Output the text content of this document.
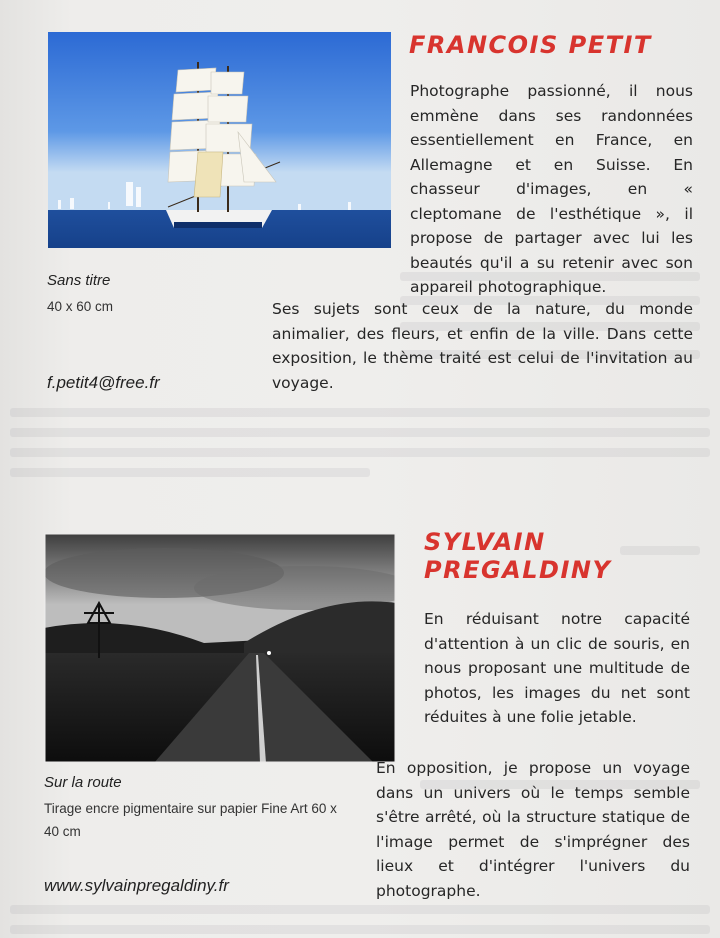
FRANCOIS PETIT

Photographe passionné, il nous emmène dans ses randonnées essentiellement en France, en Allemagne et en Suisse. En chasseur d'images, en « cleptomane de l'esthétique », il propose de partager avec lui les beautés qu'il a su retenir avec son appareil photographique.

Ses sujets sont ceux de la nature, du monde animalier, des fleurs, et enfin de la ville. Dans cette exposition, le thème traité est celui de l'invitation au voyage.

Sans titre
40 x 60 cm
f.petit4@free.fr
SYLVAIN PREGALDINY

En réduisant notre capacité d'attention à un clic de souris, en nous proposant une multitude de photos, les images du net sont réduites à une folie jetable.

En opposition, je propose un voyage dans un univers où le temps semble s'être arrêté, où la structure statique de l'image permet de s'imprégner des lieux et d'intégrer l'univers du photographe.

Sur la route
Tirage encre pigmentaire sur papier Fine Art 60 x 40 cm
www.sylvainpregaldiny.fr
